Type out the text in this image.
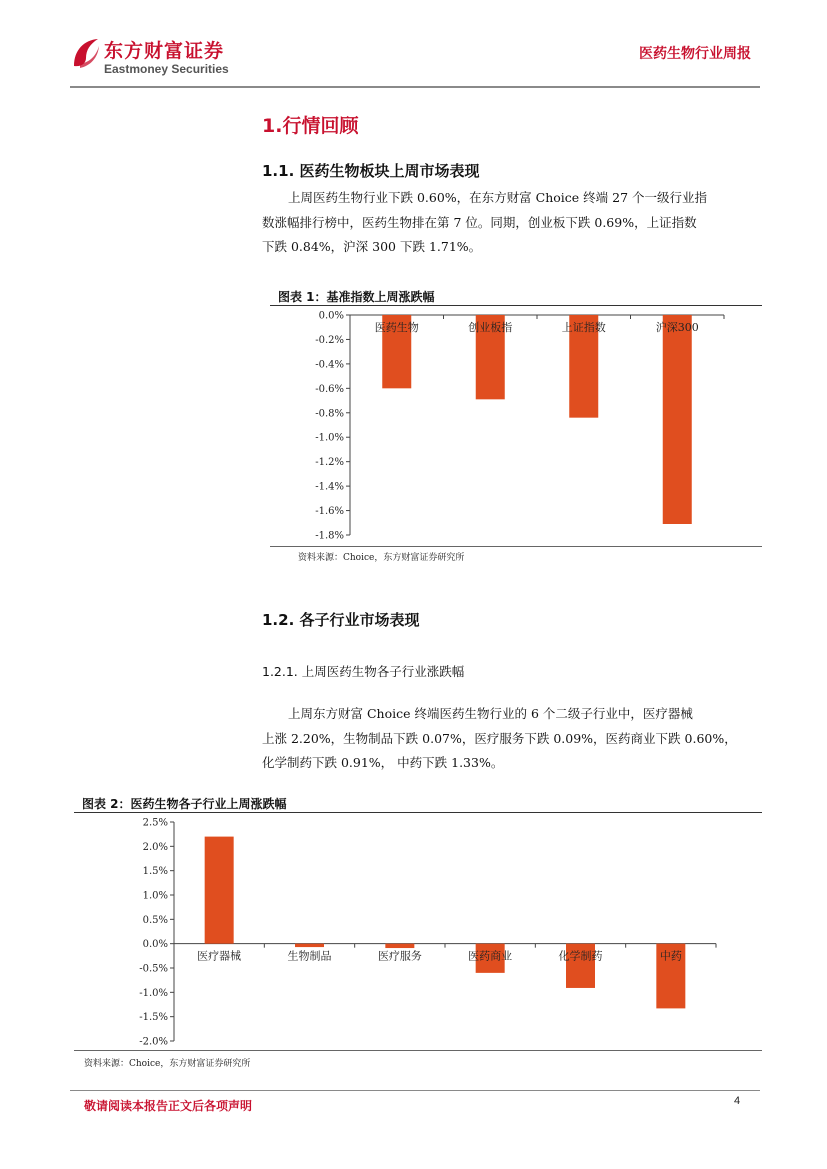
东方财富证券
Eastmoney Securities
医药生物行业周报
1.行情回顾
1.1. 医药生物板块上周市场表现
上周医药生物行业下跌 0.60%，在东方财富 Choice 终端 27 个一级行业指
数涨幅排行榜中，医药生物排在第 7 位。同期，创业板下跌 0.69%，上证指数
下跌 0.84%，沪深 300 下跌 1.71%。
图表 1：基准指数上周涨跌幅
0.0%
-0.2%
-0.4%
-0.6%
-0.8%
-1.0%
-1.2%
-1.4%
-1.6%
-1.8%
医药生物	创业板指	上证指数	沪深300
资料来源：Choice，东方财富证券研究所
1.2. 各子行业市场表现
1.2.1. 上周医药生物各子行业涨跌幅
上周东方财富 Choice 终端医药生物行业的 6 个二级子行业中，医疗器械
上涨 2.20%，生物制品下跌 0.07%，医疗服务下跌 0.09%，医药商业下跌 0.60%，
化学制药下跌 0.91%， 中药下跌 1.33%。
图表 2：医药生物各子行业上周涨跌幅
2.5%
2.0%
1.5%
1.0%
0.5%
0.0%
-0.5%
-1.0%
-1.5%
-2.0%
医疗器械	生物制品	医疗服务	医药商业	化学制药	中药
资料来源：Choice，东方财富证券研究所
敬请阅读本报告正文后各项声明	4
